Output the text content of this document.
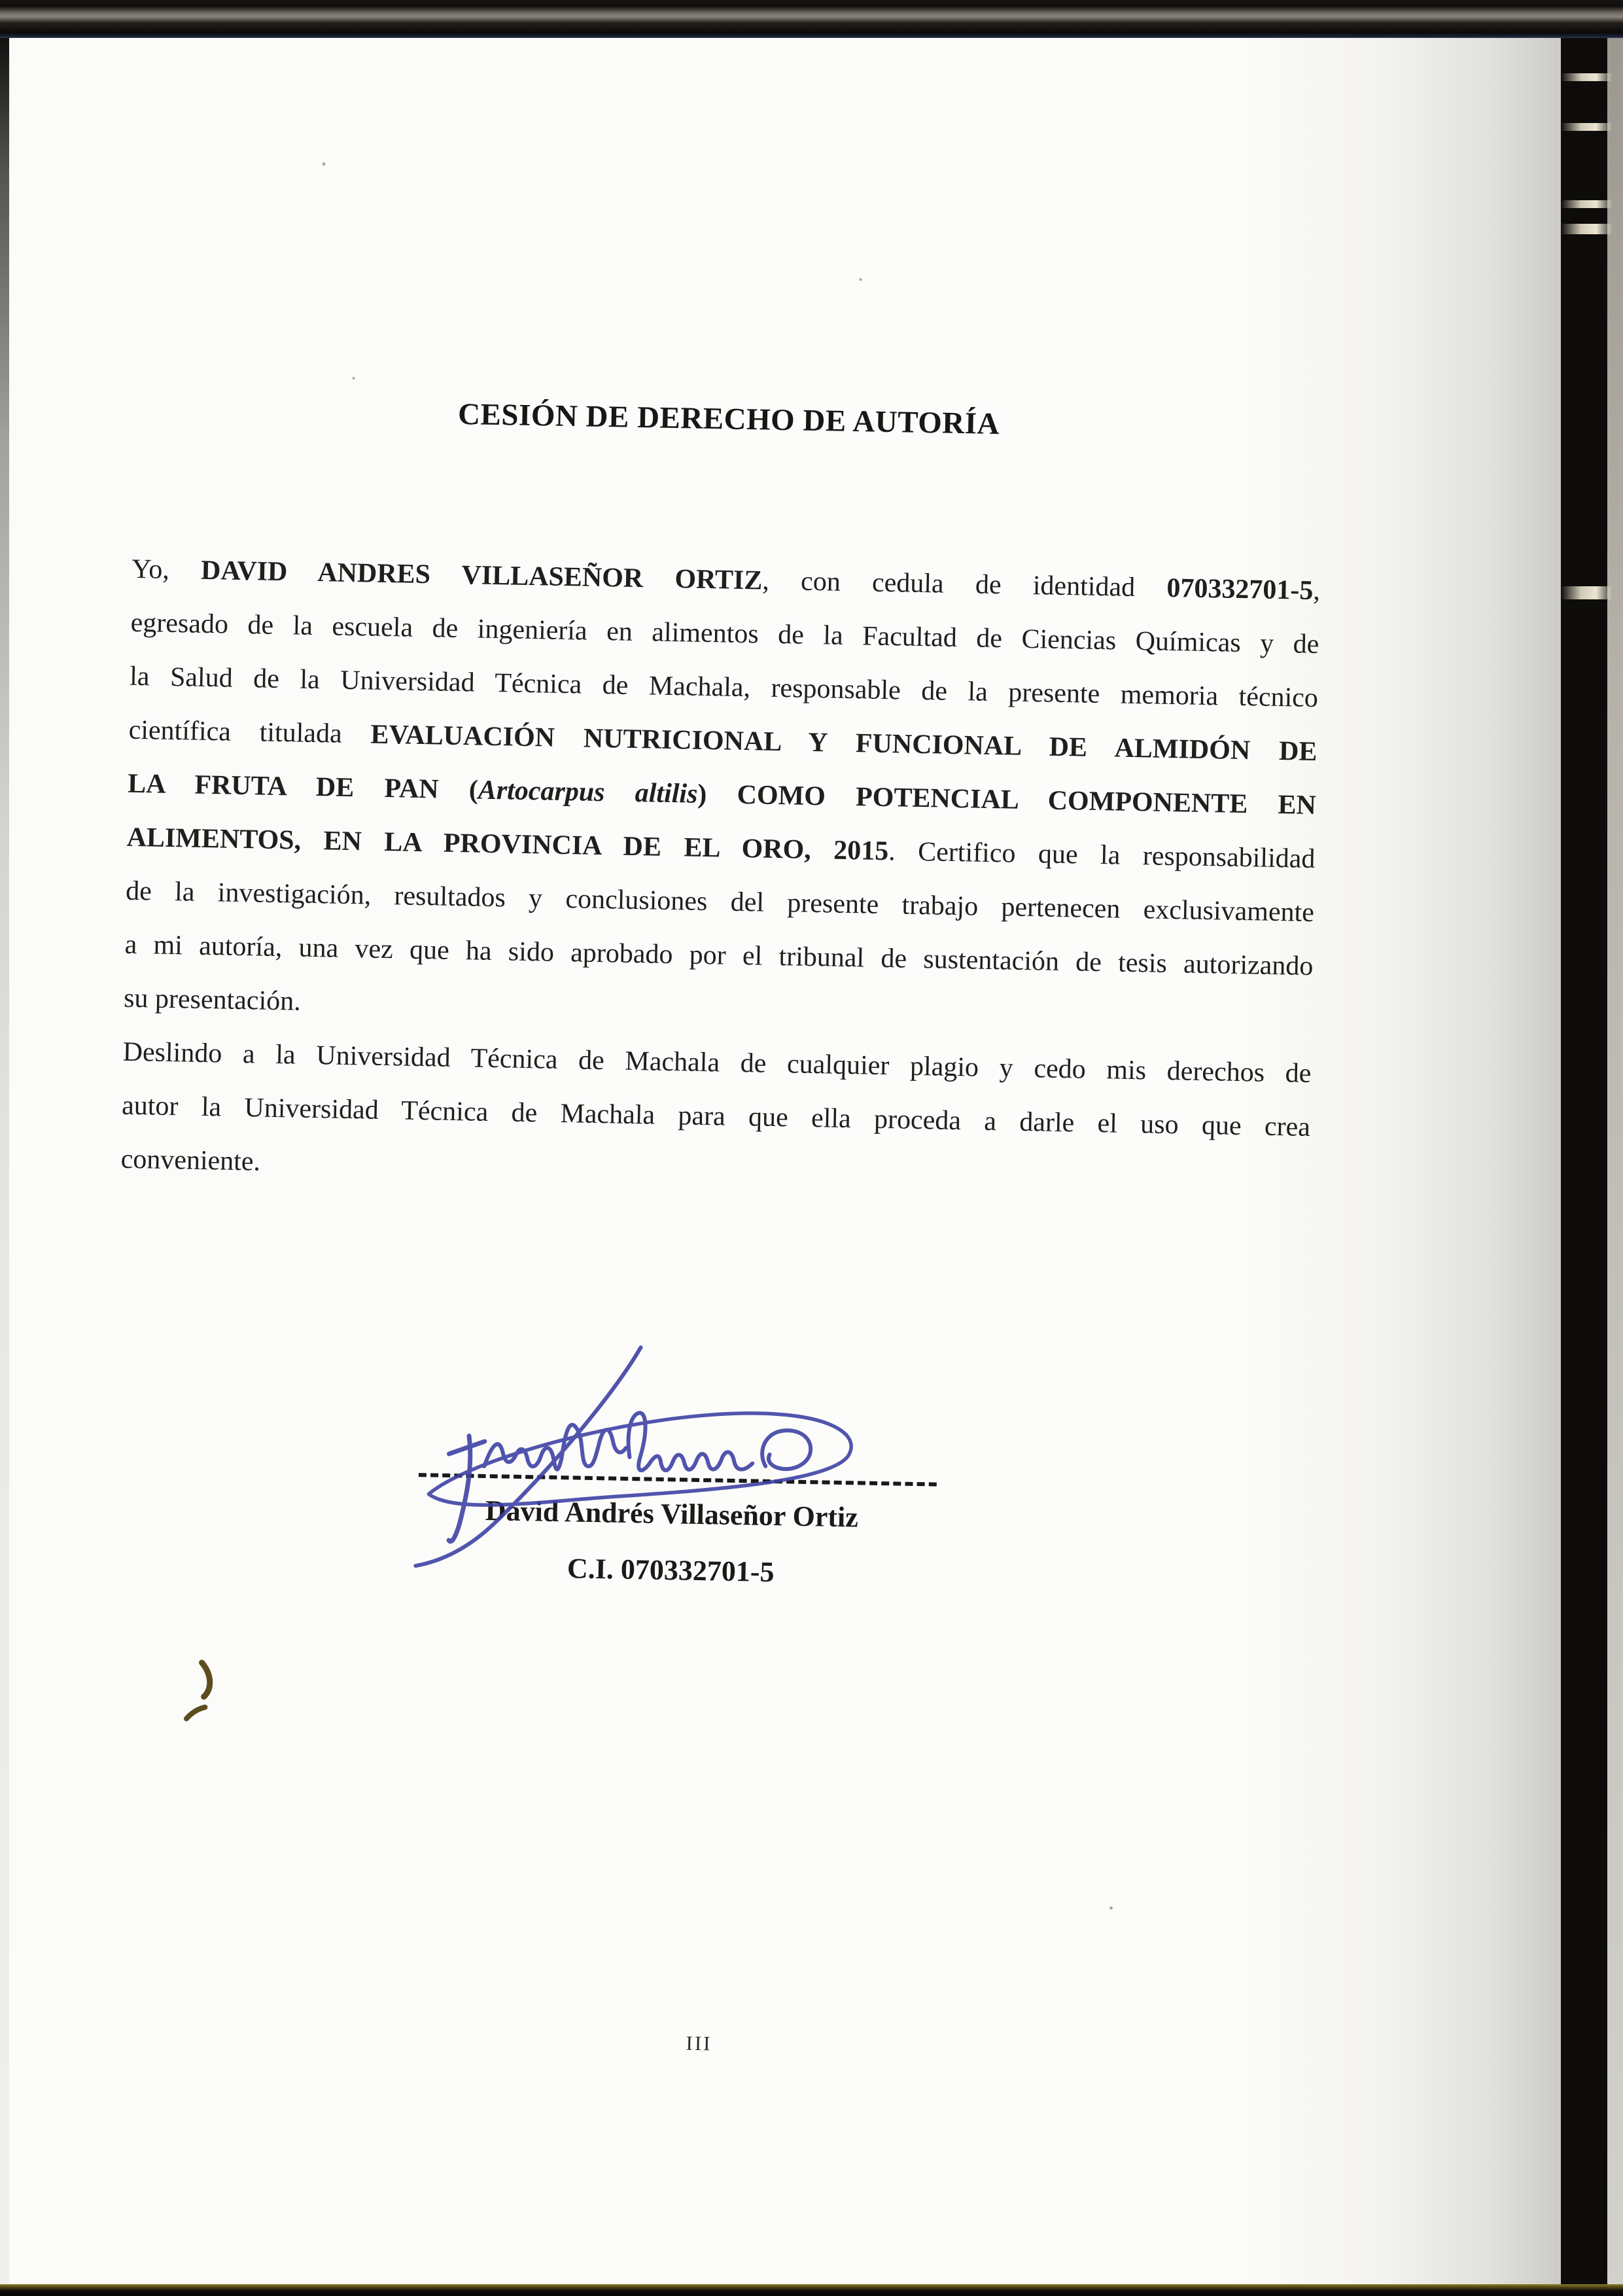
CESIÓN DE DERECHO DE AUTORÍA
Yo, DAVID ANDRES VILLASEÑOR ORTIZ, con cedula de identidad 070332701-5,
egresado de la escuela de ingeniería en alimentos de la Facultad de Ciencias Químicas y de
la Salud de la Universidad Técnica de Machala, responsable de la presente memoria técnico
científica titulada EVALUACIÓN NUTRICIONAL Y FUNCIONAL DE ALMIDÓN DE
LA FRUTA DE PAN (Artocarpus altilis) COMO POTENCIAL COMPONENTE EN
ALIMENTOS, EN LA PROVINCIA DE EL ORO, 2015. Certifico que la responsabilidad
de la investigación, resultados y conclusiones del presente trabajo pertenecen exclusivamente
a mi autoría, una vez que ha sido aprobado por el tribunal de sustentación de tesis autorizando
su presentación.
Deslindo a la Universidad Técnica de Machala de cualquier plagio y cedo mis derechos de
autor la Universidad Técnica de Machala para que ella proceda a darle el uso que crea
conveniente.
David Andrés Villaseñor Ortiz
C.I. 070332701-5
III
